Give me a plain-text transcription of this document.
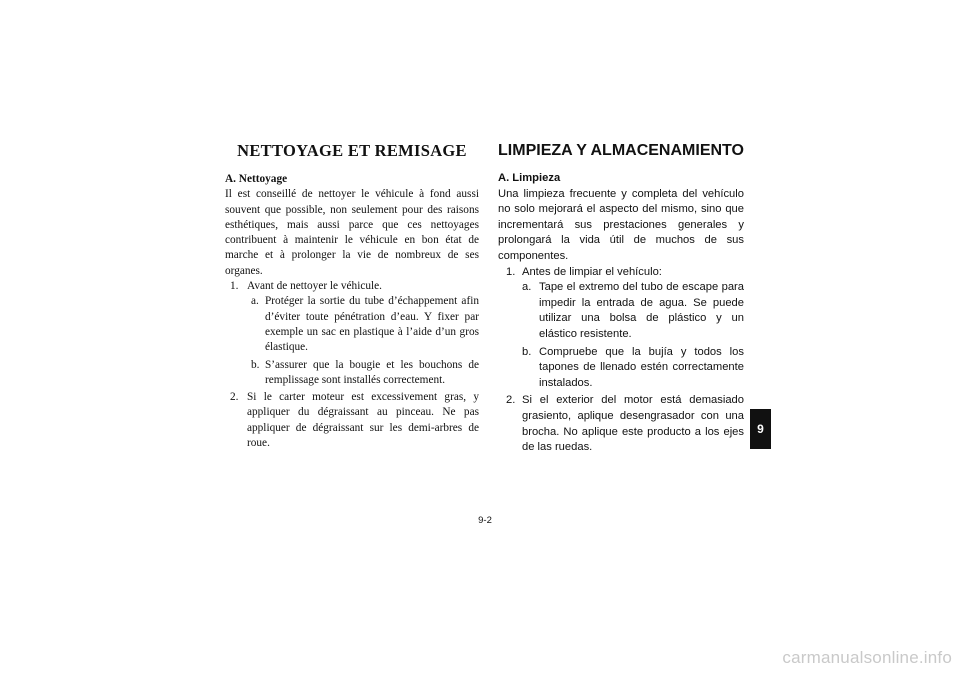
NETTOYAGE ET REMISAGE
A. Nettoyage

Il est conseillé de nettoyer le véhicule à fond aussi souvent que possible, non seulement pour des raisons esthétiques, mais aussi parce que ces nettoyages contribuent à maintenir le véhicule en bon état de marche et à prolonger la vie de nombreux de ses organes.

1. Avant de nettoyer le véhicule.
a. Protéger la sortie du tube d’échappement afin d’éviter toute pénétration d’eau. Y fixer par exemple un sac en plastique à l’aide d’un gros élastique.
b. S’assurer que la bougie et les bouchons de remplissage sont installés correctement.
2. Si le carter moteur est excessivement gras, y appliquer du dégraissant au pinceau. Ne pas appliquer de dégraissant sur les demi-arbres de roue.
LIMPIEZA Y ALMACENAMIENTO
A. Limpieza

Una limpieza frecuente y completa del vehículo no solo mejorará el aspecto del mismo, sino que incrementará sus prestaciones generales y prolongará la vida útil de muchos de sus componentes.

1. Antes de limpiar el vehículo:
a. Tape el extremo del tubo de escape para impedir la entrada de agua. Se puede utilizar una bolsa de plástico y un elástico resistente.
b. Compruebe que la bujía y todos los tapones de llenado estén correctamente instalados.
2. Si el exterior del motor está demasiado grasiento, aplique desengrasador con una brocha. No aplique este producto a los ejes de las ruedas.
9
9-2
carmanualsonline.info
